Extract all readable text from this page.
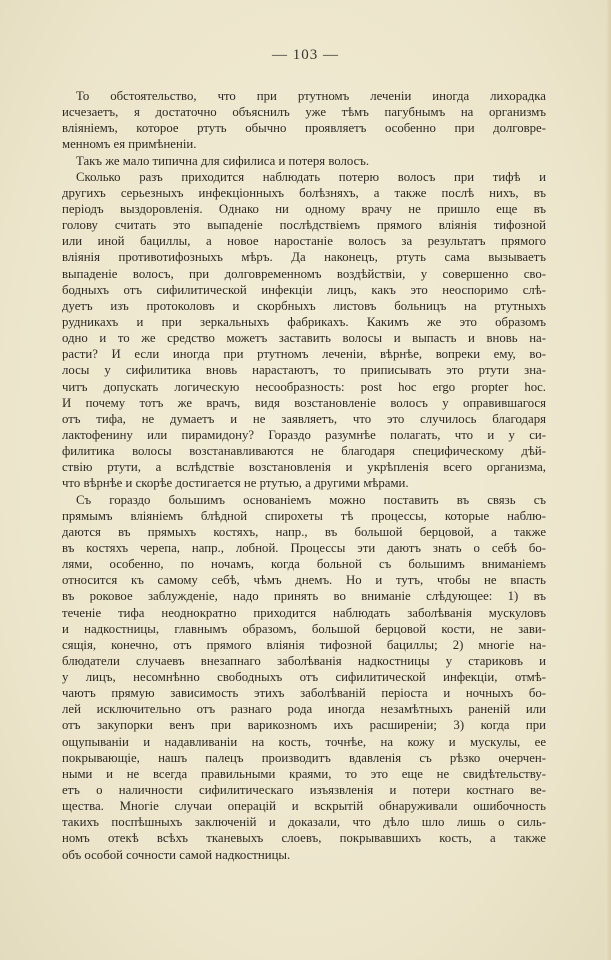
— 103 —
То обстоятельство, что при ртутномъ леченіи иногда лихорадка
исчезаетъ, я достаточно объяснилъ уже тѣмъ пагубнымъ на организмъ
вліяніемъ, которое ртуть обычно проявляетъ особенно при долговре-
менномъ ея примѣненіи.
Такъ же мало типична для сифилиса и потеря волосъ.
Сколько разъ приходится наблюдать потерю волосъ при тифѣ и
другихъ серьезныхъ инфекціонныхъ болѣзняхъ, а также послѣ нихъ, въ
періодъ выздоровленія. Однако ни одному врачу не пришло еще въ
голову считать это выпаденіе послѣдствіемъ прямого вліянія тифозной
или иной бациллы, а новое наростаніе волосъ за результатъ прямого
вліянія противотифозныхъ мѣръ. Да наконецъ, ртуть сама вызываетъ
выпаденіе волосъ, при долговременномъ воздѣйствіи, у совершенно сво-
бодныхъ отъ сифилитической инфекціи лицъ, какъ это неоспоримо слѣ-
дуетъ изъ протоколовъ и скорбныхъ листовъ больницъ на ртутныхъ
рудникахъ и при зеркальныхъ фабрикахъ. Какимъ же это образомъ
одно и то же средство можетъ заставить волосы и выпасть и вновь на-
расти? И если иногда при ртутномъ леченіи, вѣрнѣе, вопреки ему, во-
лосы у сифилитика вновь нарастаютъ, то приписывать это ртути зна-
читъ допускать логическую несообразность: post hoc ergo propter hoc.
И почему тотъ же врачъ, видя возстановленіе волосъ у оправившагося
отъ тифа, не думаетъ и не заявляетъ, что это случилось благодаря
лактофенину или пирамидону? Гораздо разумнѣе полагать, что и у си-
филитика волосы возстанавливаются не благодаря специфическому дѣй-
ствію ртути, а вслѣдствіе возстановленія и укрѣпленія всего организма,
что вѣрнѣе и скорѣе достигается не ртутью, а другими мѣрами.
Съ гораздо большимъ основаніемъ можно поставить въ связь съ
прямымъ вліяніемъ блѣдной спирохеты тѣ процессы, которые наблю-
даются въ прямыхъ костяхъ, напр., въ большой берцовой, а также
въ костяхъ черепа, напр., лобной. Процессы эти даютъ знать о себѣ бо-
лями, особенно, по ночамъ, когда больной съ большимъ вниманіемъ
относится къ самому себѣ, чѣмъ днемъ. Но и тутъ, чтобы не впасть
въ роковое заблужденіе, надо принять во вниманіе слѣдующее: 1) въ
теченіе тифа неоднократно приходится наблюдать заболѣванія мускуловъ
и надкостницы, главнымъ образомъ, большой берцовой кости, не зави-
сящія, конечно, отъ прямого вліянія тифозной бациллы; 2) многіе на-
блюдатели случаевъ внезапнаго заболѣванія надкостницы у стариковъ и
у лицъ, несомнѣнно свободныхъ отъ сифилитической инфекціи, отмѣ-
чаютъ прямую зависимость этихъ заболѣваній періоста и ночныхъ бо-
лей исключительно отъ разнаго рода иногда незамѣтныхъ раненій или
отъ закупорки венъ при варикозномъ ихъ расширеніи; 3) когда при
ощупываніи и надавливаніи на кость, точнѣе, на кожу и мускулы, ее
покрывающіе, нашъ палецъ производитъ вдавленія съ рѣзко очерчен-
ными и не всегда правильными краями, то это еще не свидѣтельству-
етъ о наличности сифилитическаго изъязвленія и потери костнаго ве-
щества. Многіе случаи операцій и вскрытій обнаруживали ошибочность
такихъ поспѣшныхъ заключеній и доказали, что дѣло шло лишь о силь-
номъ отекѣ всѣхъ тканевыхъ слоевъ, покрывавшихъ кость, а также
объ особой сочности самой надкостницы.
